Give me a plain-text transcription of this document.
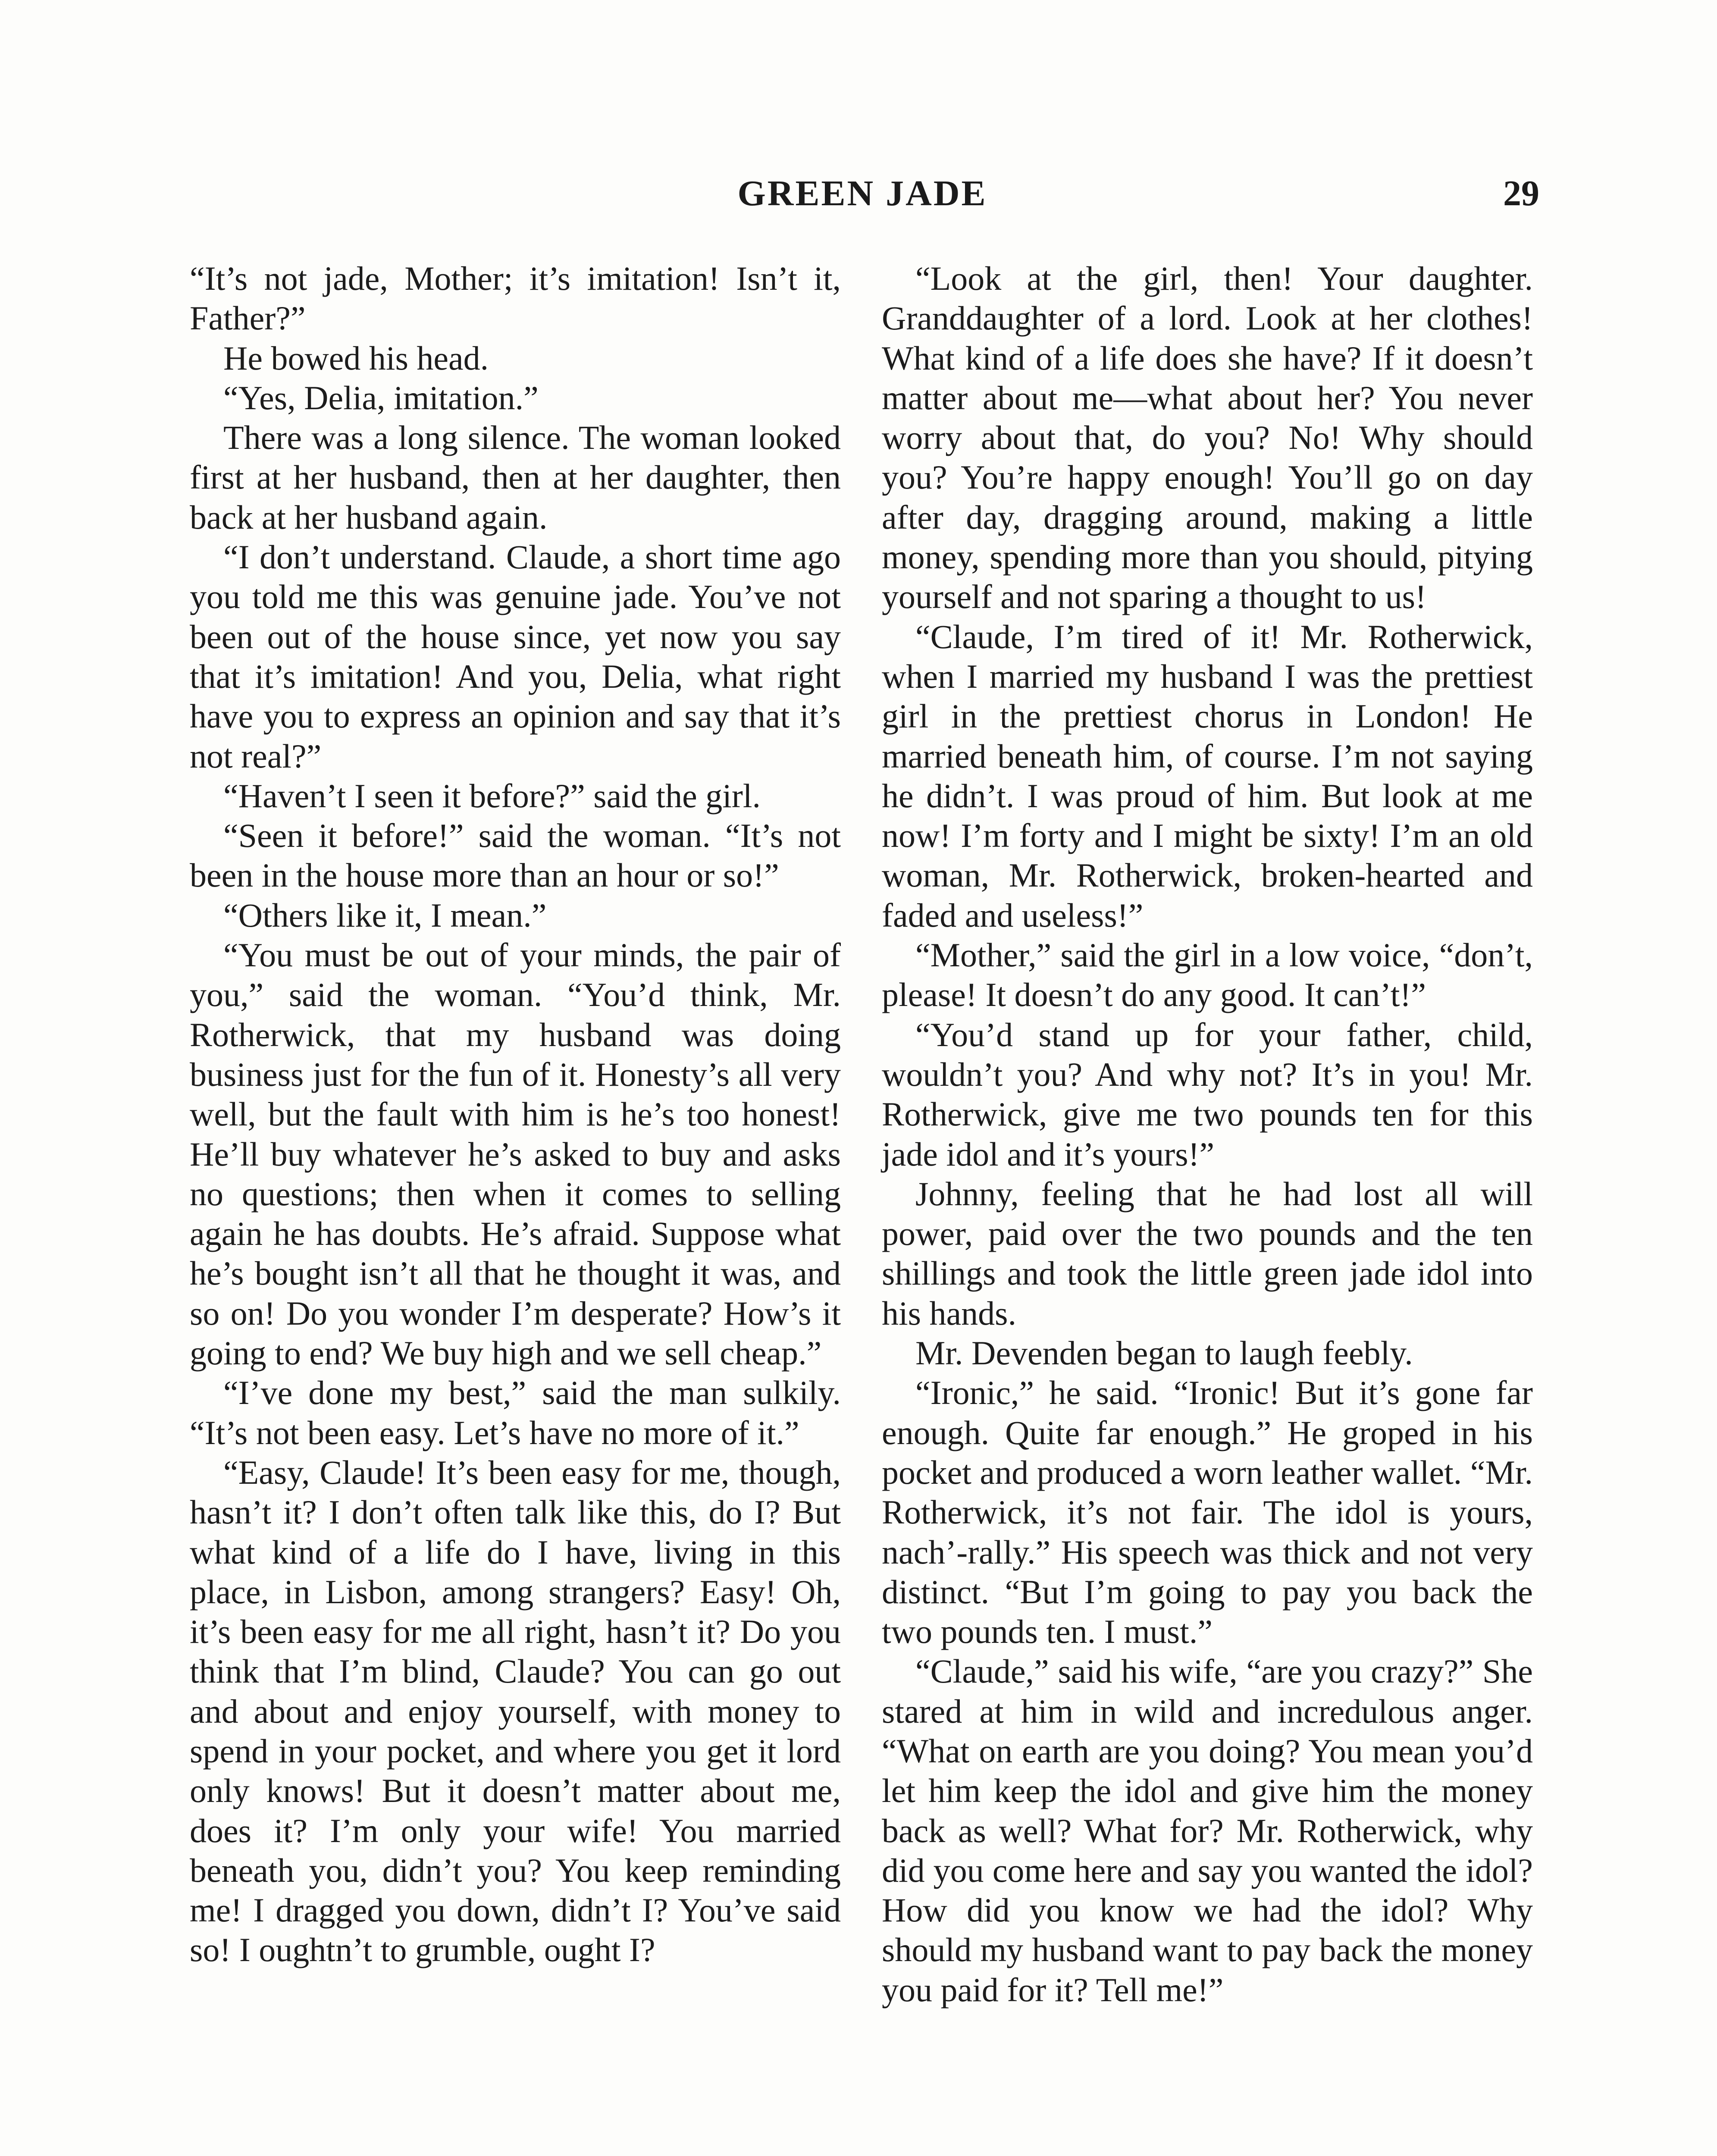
GREEN JADE	29

“It’s not jade, Mother; it’s imitation! Isn’t it, Father?”

He bowed his head.

“Yes, Delia, imitation.”

There was a long silence. The woman looked first at her husband, then at her daughter, then back at her husband again.

“I don’t understand. Claude, a short time ago you told me this was genuine jade. You’ve not been out of the house since, yet now you say that it’s imitation! And you, Delia, what right have you to express an opinion and say that it’s not real?”

“Haven’t I seen it before?” said the girl.

“Seen it before!” said the woman. “It’s not been in the house more than an hour or so!”

“Others like it, I mean.”

“You must be out of your minds, the pair of you,” said the woman. “You’d think, Mr. Rotherwick, that my husband was doing business just for the fun of it. Honesty’s all very well, but the fault with him is he’s too honest! He’ll buy whatever he’s asked to buy and asks no questions; then when it comes to selling again he has doubts. He’s afraid. Suppose what he’s bought isn’t all that he thought it was, and so on! Do you wonder I’m desperate? How’s it going to end? We buy high and we sell cheap.”

“I’ve done my best,” said the man sulkily. “It’s not been easy. Let’s have no more of it.”

“Easy, Claude! It’s been easy for me, though, hasn’t it? I don’t often talk like this, do I? But what kind of a life do I have, living in this place, in Lisbon, among strangers? Easy! Oh, it’s been easy for me all right, hasn’t it? Do you think that I’m blind, Claude? You can go out and about and enjoy yourself, with money to spend in your pocket, and where you get it lord only knows! But it doesn’t matter about me, does it? I’m only your wife! You married beneath you, didn’t you? You keep reminding me! I dragged you down, didn’t I? You’ve said so! I oughtn’t to grumble, ought I?

“Look at the girl, then! Your daughter. Granddaughter of a lord. Look at her clothes! What kind of a life does she have? If it doesn’t matter about me—what about her? You never worry about that, do you? No! Why should you? You’re happy enough! You’ll go on day after day, dragging around, making a little money, spending more than you should, pitying yourself and not sparing a thought to us!

“Claude, I’m tired of it! Mr. Rotherwick, when I married my husband I was the prettiest girl in the prettiest chorus in London! He married beneath him, of course. I’m not saying he didn’t. I was proud of him. But look at me now! I’m forty and I might be sixty! I’m an old woman, Mr. Rotherwick, broken-hearted and faded and useless!”

“Mother,” said the girl in a low voice, “don’t, please! It doesn’t do any good. It can’t!”

“You’d stand up for your father, child, wouldn’t you? And why not? It’s in you! Mr. Rotherwick, give me two pounds ten for this jade idol and it’s yours!”

Johnny, feeling that he had lost all will power, paid over the two pounds and the ten shillings and took the little green jade idol into his hands.

Mr. Devenden began to laugh feebly.

“Ironic,” he said. “Ironic! But it’s gone far enough. Quite far enough.” He groped in his pocket and produced a worn leather wallet. “Mr. Rotherwick, it’s not fair. The idol is yours, nach’-rally.” His speech was thick and not very distinct. “But I’m going to pay you back the two pounds ten. I must.”

“Claude,” said his wife, “are you crazy?” She stared at him in wild and incredulous anger. “What on earth are you doing? You mean you’d let him keep the idol and give him the money back as well? What for? Mr. Rotherwick, why did you come here and say you wanted the idol? How did you know we had the idol? Why should my husband want to pay back the money you paid for it? Tell me!”
